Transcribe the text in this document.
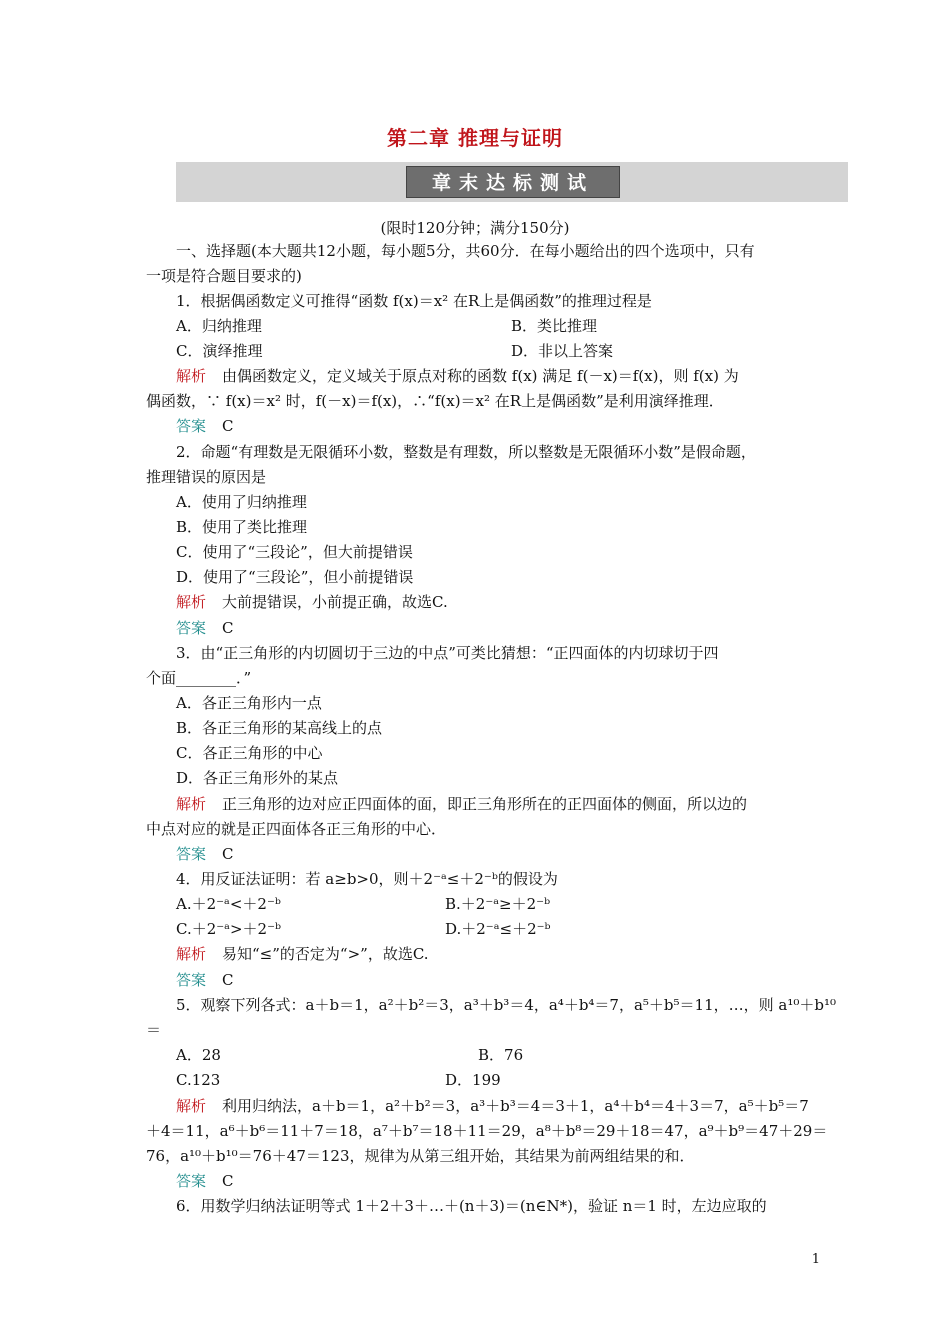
第二章 推理与证明
章末达标测试
(限时120分钟；满分150分)
一、选择题(本大题共12小题，每小题5分，共60分．在每小题给出的四个选项中，只有
一项是符合题目要求的)
1．根据偶函数定义可推得“函数 f(x)＝x² 在R上是偶函数”的推理过程是
A．归纳推理	B．类比推理
C．演绎推理	D．非以上答案
解析 由偶函数定义，定义域关于原点对称的函数 f(x) 满足 f(－x)＝f(x)，则 f(x) 为
偶函数，∵ f(x)＝x² 时，f(－x)＝f(x)，∴“f(x)＝x² 在R上是偶函数”是利用演绎推理．
答案 C
2．命题“有理数是无限循环小数，整数是有理数，所以整数是无限循环小数”是假命题，
推理错误的原因是
A．使用了归纳推理
B．使用了类比推理
C．使用了“三段论”，但大前提错误
D．使用了“三段论”，但小前提错误
解析 大前提错误，小前提正确，故选C.
答案 C
3．由“正三角形的内切圆切于三边的中点”可类比猜想：“正四面体的内切球切于四
个面________．”
A．各正三角形内一点
B．各正三角形的某高线上的点
C．各正三角形的中心
D．各正三角形外的某点
解析 正三角形的边对应正四面体的面，即正三角形所在的正四面体的侧面，所以边的
中点对应的就是正四面体各正三角形的中心．
答案 C
4．用反证法证明：若 a≥b>0，则＋2⁻ᵃ≤＋2⁻ᵇ的假设为
A.＋2⁻ᵃ<＋2⁻ᵇ	B.＋2⁻ᵃ≥＋2⁻ᵇ
C.＋2⁻ᵃ>＋2⁻ᵇ	D.＋2⁻ᵃ≤＋2⁻ᵇ
解析 易知“≤”的否定为“>”，故选C.
答案 C
5．观察下列各式：a＋b＝1，a²＋b²＝3，a³＋b³＝4，a⁴＋b⁴＝7，a⁵＋b⁵＝11，…，则 a¹⁰＋b¹⁰
＝
A．28	B．76
C.123	D．199
解析 利用归纳法，a＋b＝1，a²＋b²＝3，a³＋b³＝4＝3＋1，a⁴＋b⁴＝4＋3＝7，a⁵＋b⁵＝7
＋4＝11，a⁶＋b⁶＝11＋7＝18，a⁷＋b⁷＝18＋11＝29，a⁸＋b⁸＝29＋18＝47，a⁹＋b⁹＝47＋29＝
76，a¹⁰＋b¹⁰＝76＋47＝123，规律为从第三组开始，其结果为前两组结果的和．
答案 C
6．用数学归纳法证明等式 1＋2＋3＋…＋(n＋3)＝(n∈N*)，验证 n＝1 时，左边应取的
1
